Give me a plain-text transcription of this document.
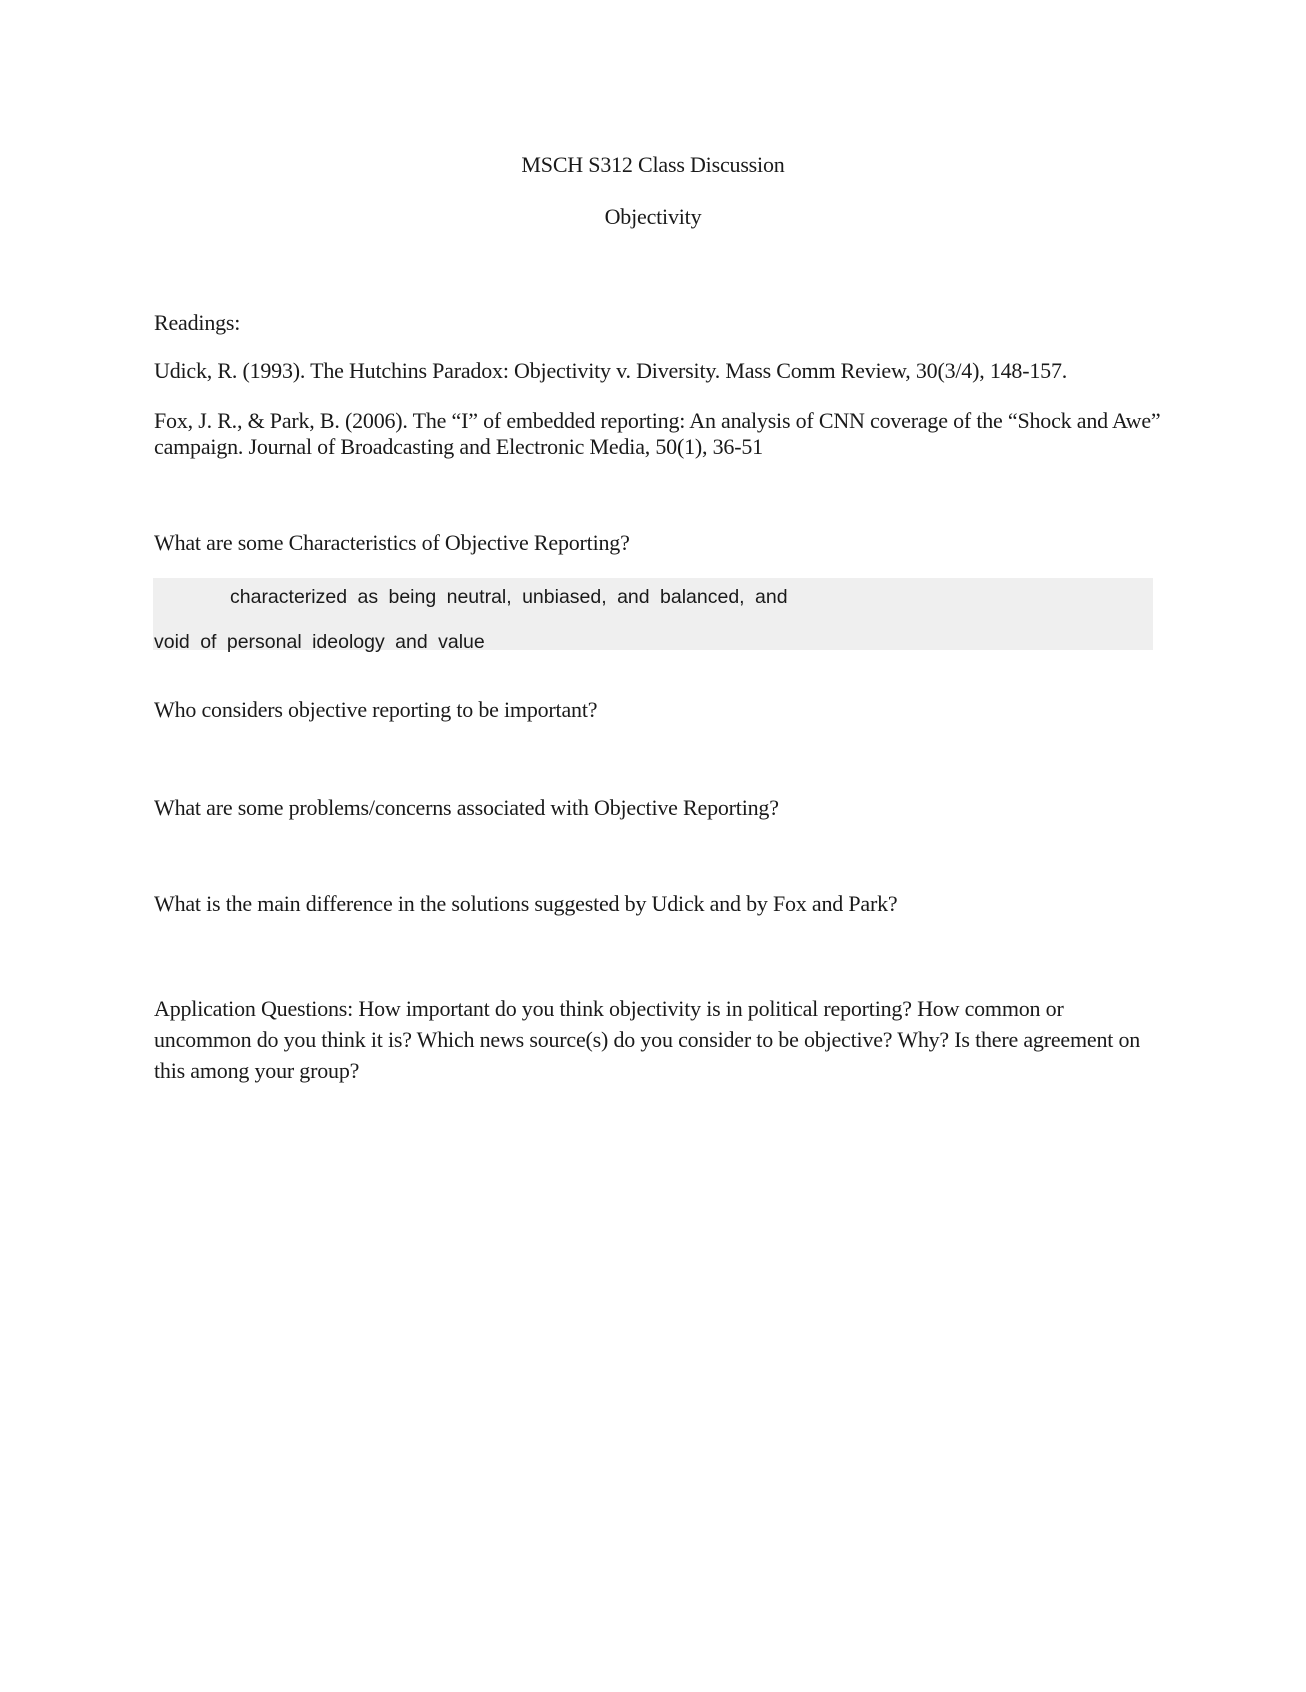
MSCH S312 Class Discussion
Objectivity

Readings:

Udick, R. (1993). The Hutchins Paradox: Objectivity v. Diversity. Mass Comm Review, 30(3/4), 148-157.

Fox, J. R., & Park, B. (2006). The “I” of embedded reporting: An analysis of CNN coverage of the “Shock and Awe” campaign. Journal of Broadcasting and Electronic Media, 50(1), 36-51

What are some Characteristics of Objective Reporting?

characterized as being neutral, unbiased, and balanced, and
void of personal ideology and value

Who considers objective reporting to be important?

What are some problems/concerns associated with Objective Reporting?

What is the main difference in the solutions suggested by Udick and by Fox and Park?

Application Questions: How important do you think objectivity is in political reporting? How common or uncommon do you think it is? Which news source(s) do you consider to be objective? Why? Is there agreement on this among your group?
